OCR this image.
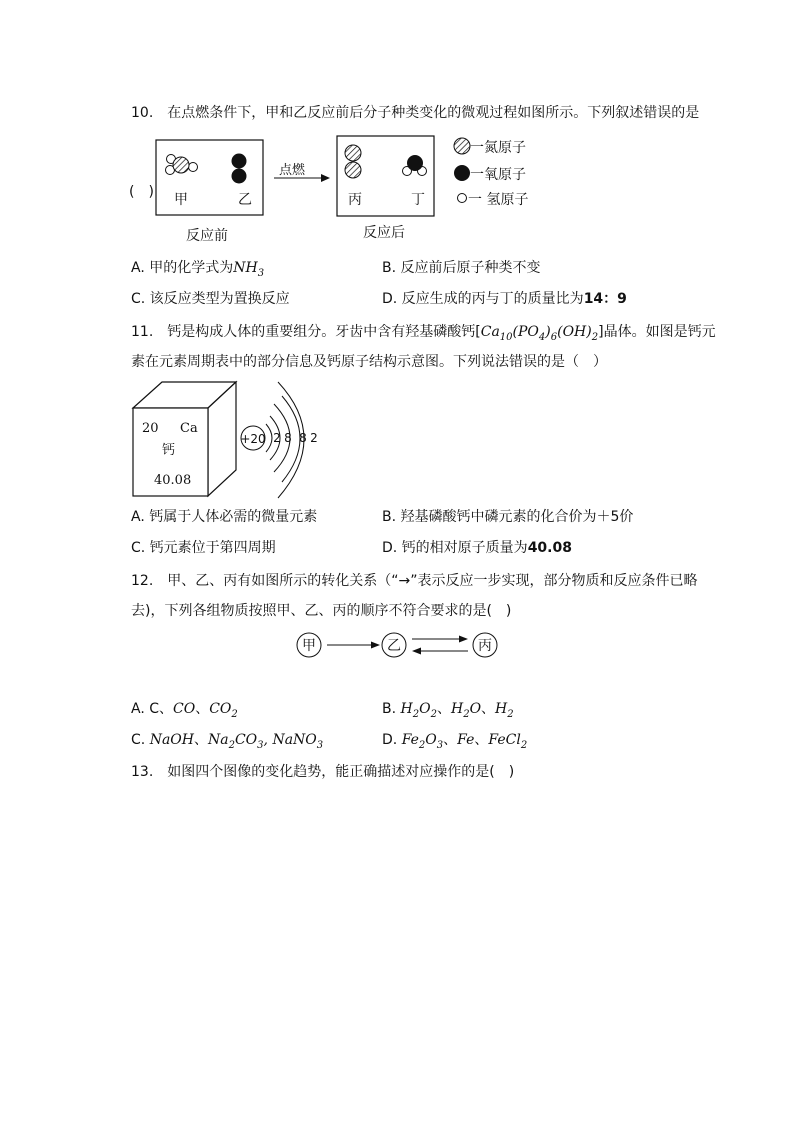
10.　在点燃条件下，甲和乙反应前后分子种类变化的微观过程如图所示。下列叙述错误的是
(　) 甲	乙
点燃
丙	丁
一氮原子
一氧原子
一 氢原子
反应前	反应后
A. 甲的化学式为$NH_3$	B. 反应前后原子种类不变
C. 该反应类型为置换反应	D. 反应生成的丙与丁的质量比为14：9
11.　钙是构成人体的重要组分。牙齿中含有羟基磷酸钙$[Ca_{10}(PO_4)_6(OH)_2]$晶体。如图是钙元
素在元素周期表中的部分信息及钙原子结构示意图。下列说法错误的是（　）
20 Ca
钙
40.08
+20 2 8 8 2
A. 钙属于人体必需的微量元素	B. 羟基磷酸钙中磷元素的化合价为＋5价
C. 钙元素位于第四周期	D. 钙的相对原子质量为40.08
12.　甲、乙、丙有如图所示的转化关系（“→”表示反应一步实现，部分物质和反应条件已略
去)，下列各组物质按照甲、乙、丙的顺序不符合要求的是(　)
甲	乙	丙
A. C、CO、$CO_2$	B. $H_2O_2$、$H_2O$、$H_2$
C. NaOH、$Na_2CO_3$, NaNO$_3$	D. $Fe_2O_3$、Fe、FeCl$_2$
13.　如图四个图像的变化趋势，能正确描述对应操作的是(　)
